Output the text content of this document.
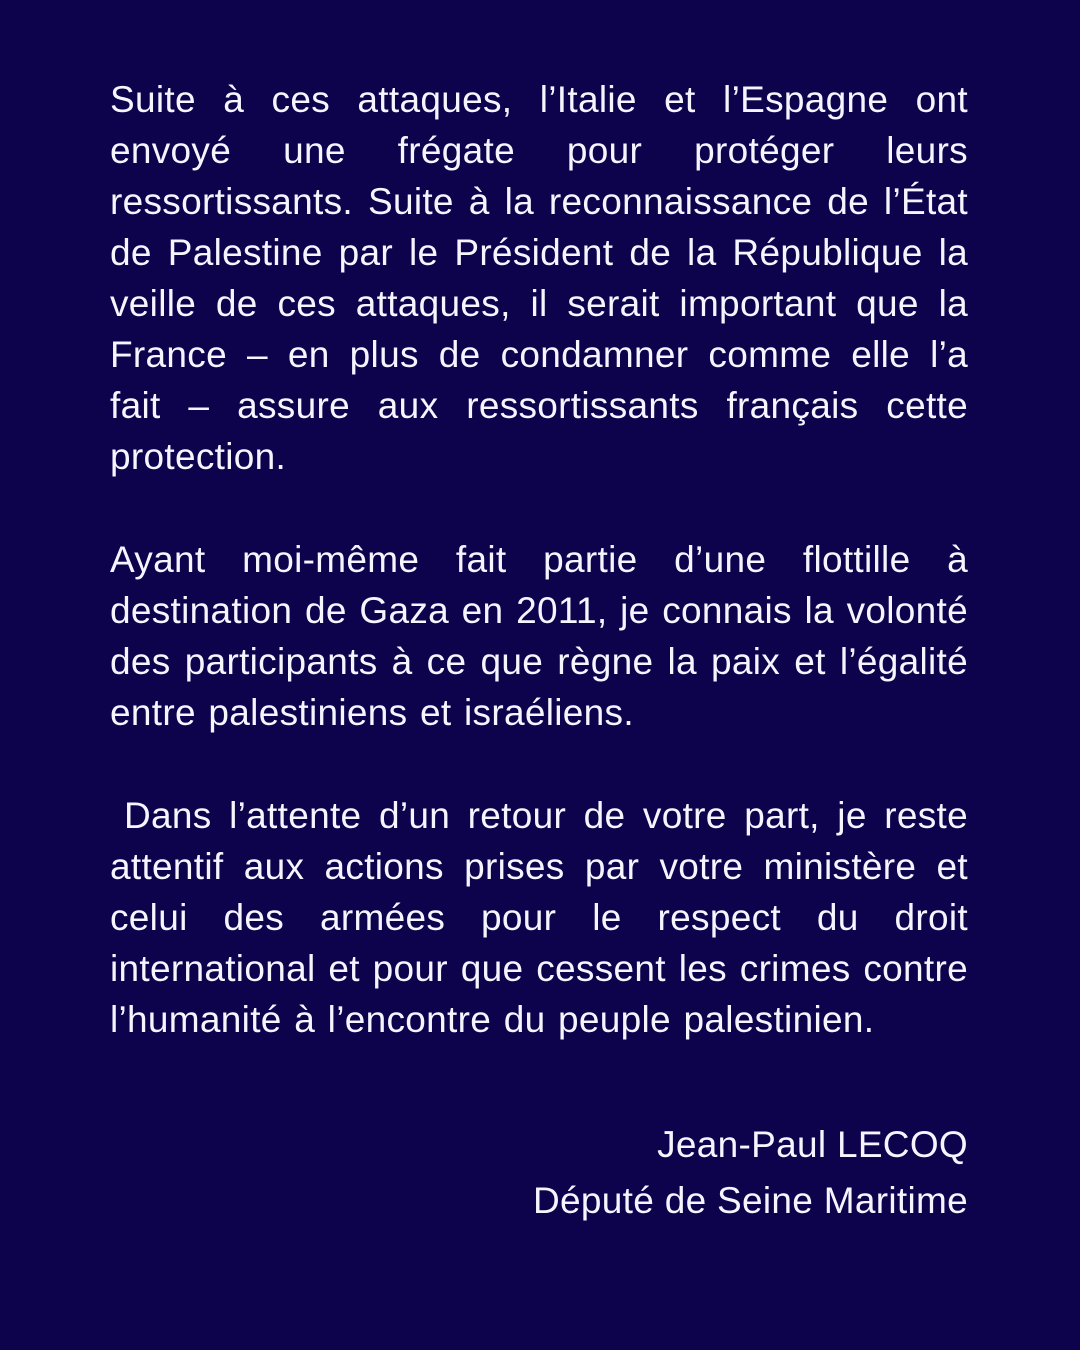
Suite à ces attaques, l’Italie et l’Espagne ont envoyé une frégate pour protéger leurs ressortissants. Suite à la reconnaissance de l’État de Palestine par le Président de la République la veille de ces attaques, il serait important que la France – en plus de condamner comme elle l’a fait – assure aux ressortissants français cette protection.

Ayant moi-même fait partie d’une flottille à destination de Gaza en 2011, je connais la volonté des participants à ce que règne la paix et l’égalité entre palestiniens et israéliens.

Dans l’attente d’un retour de votre part, je reste attentif aux actions prises par votre ministère et celui des armées pour le respect du droit international et pour que cessent les crimes contre l’humanité à l’encontre du peuple palestinien.

Jean-Paul LECOQ
Député de Seine Maritime
